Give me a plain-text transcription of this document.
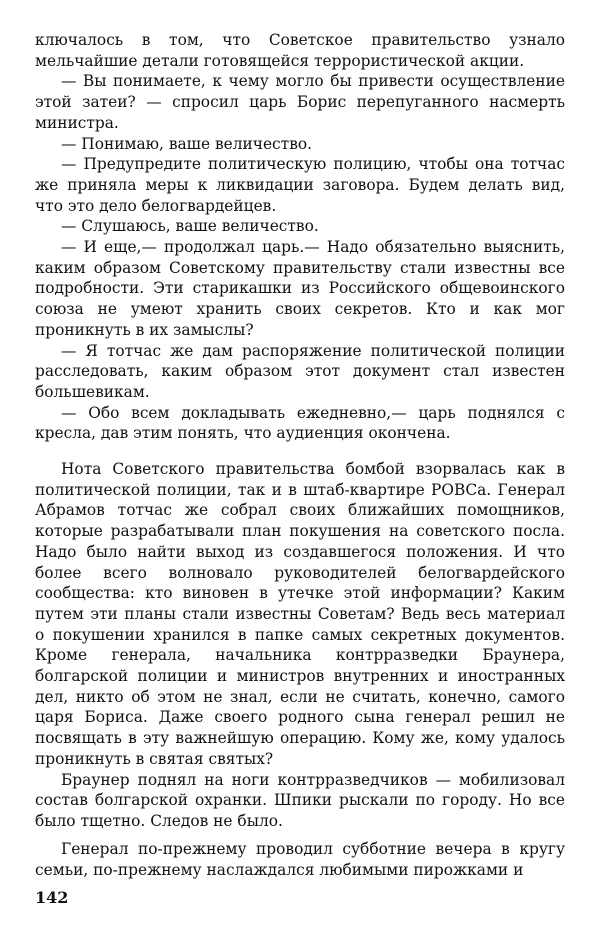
ключалось в том, что Советское правительство узнало мельчайшие детали готовящейся террористической акции.

— Вы понимаете, к чему могло бы привести осуществление этой затеи? — спросил царь Борис перепуганного насмерть министра.

— Понимаю, ваше величество.

— Предупредите политическую полицию, чтобы она тотчас же приняла меры к ликвидации заговора. Будем делать вид, что это дело белогвардейцев.

— Слушаюсь, ваше величество.

— И еще,— продолжал царь.— Надо обязательно выяснить, каким образом Советскому правительству стали известны все подробности. Эти старикашки из Российского общевоинского союза не умеют хранить своих секретов. Кто и как мог проникнуть в их замыслы?

— Я тотчас же дам распоряжение политической полиции расследовать, каким образом этот документ стал известен большевикам.

— Обо всем докладывать ежедневно,— царь поднялся с кресла, дав этим понять, что аудиенция окончена.

Нота Советского правительства бомбой взорвалась как в политической полиции, так и в штаб-квартире РОВСа. Генерал Абрамов тотчас же собрал своих ближайших помощников, которые разрабатывали план покушения на советского посла. Надо было найти выход из создавшегося положения. И что более всего волновало руководителей белогвардейского сообщества: кто виновен в утечке этой информации? Каким путем эти планы стали известны Советам? Ведь весь материал о покушении хранился в папке самых секретных документов. Кроме генерала, начальника контрразведки Браунера, болгарской полиции и министров внутренних и иностранных дел, никто об этом не знал, если не считать, конечно, самого царя Бориса. Даже своего родного сына генерал решил не посвящать в эту важнейшую операцию. Кому же, кому удалось проникнуть в святая святых?

Браунер поднял на ноги контрразведчиков — мобилизовал состав болгарской охранки. Шпики рыскали по городу. Но все было тщетно. Следов не было.

Генерал по-прежнему проводил субботние вечера в кругу семьи, по-прежнему наслаждался любимыми пирожками и

142
